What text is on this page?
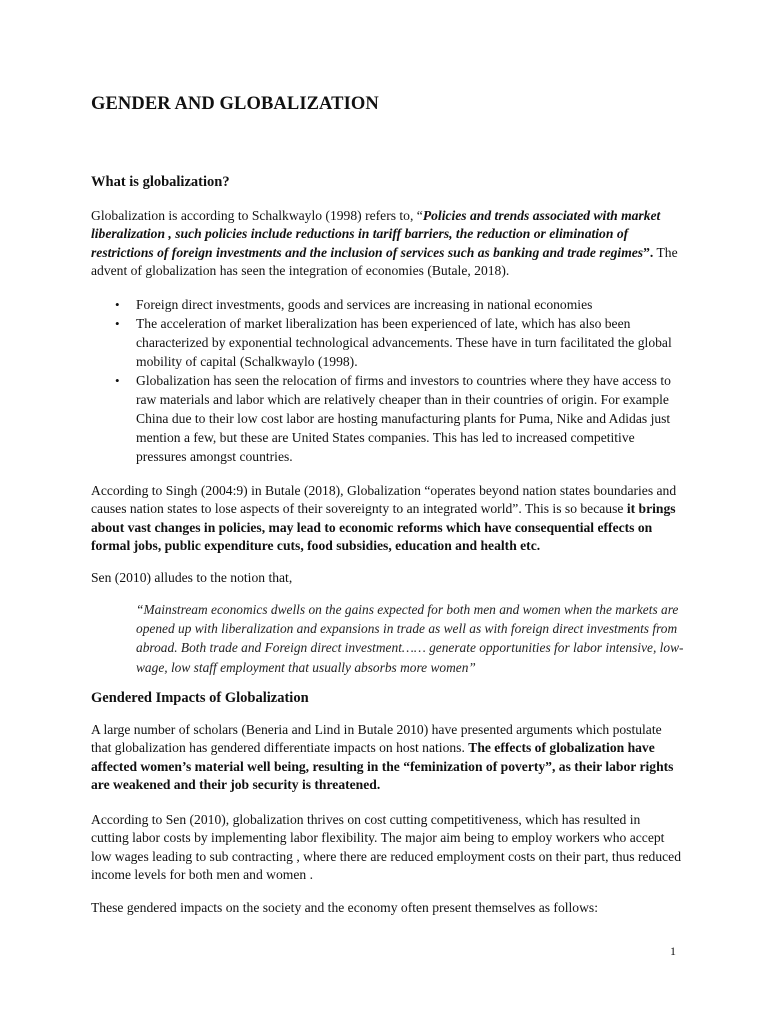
GENDER AND GLOBALIZATION
What is globalization?

Globalization is according to Schalkwaylo (1998) refers to, “Policies and trends associated with market liberalization , such policies include reductions in tariff barriers, the reduction or elimination of restrictions of foreign investments and the inclusion of services such as banking and trade regimes”. The advent of globalization has seen the integration of economies (Butale, 2018).

• Foreign direct investments, goods and services are increasing in national economies
• The acceleration of market liberalization has been experienced of late, which has also been characterized by exponential technological advancements. These have in turn facilitated the global mobility of capital (Schalkwaylo (1998).
• Globalization has seen the relocation of firms and investors to countries where they have access to raw materials and labor which are relatively cheaper than in their countries of origin. For example China due to their low cost labor are hosting manufacturing plants for Puma, Nike and Adidas just mention a few, but these are United States companies. This has led to increased competitive pressures amongst countries.

According to Singh (2004:9) in Butale (2018), Globalization “operates beyond nation states boundaries and causes nation states to lose aspects of their sovereignty to an integrated world”. This is so because it brings about vast changes in policies, may lead to economic reforms which have consequential effects on formal jobs, public expenditure cuts, food subsidies, education and health etc.

Sen (2010) alludes to the notion that,

“Mainstream economics dwells on the gains expected for both men and women when the markets are opened up with liberalization and expansions in trade as well as with foreign direct investments from abroad. Both trade and Foreign direct investment…… generate opportunities for labor intensive, low-wage, low staff employment that usually absorbs more women”

Gendered Impacts of Globalization

A large number of scholars (Beneria and Lind in Butale 2010) have presented arguments which postulate that globalization has gendered differentiate impacts on host nations. The effects of globalization have affected women’s material well being, resulting in the “feminization of poverty”, as their labor rights are weakened and their job security is threatened.

According to Sen (2010), globalization thrives on cost cutting competitiveness, which has resulted in cutting labor costs by implementing labor flexibility. The major aim being to employ workers who accept low wages leading to sub contracting , where there are reduced employment costs on their part, thus reduced income levels for both men and women .

These gendered impacts on the society and the economy often present themselves as follows:

1
